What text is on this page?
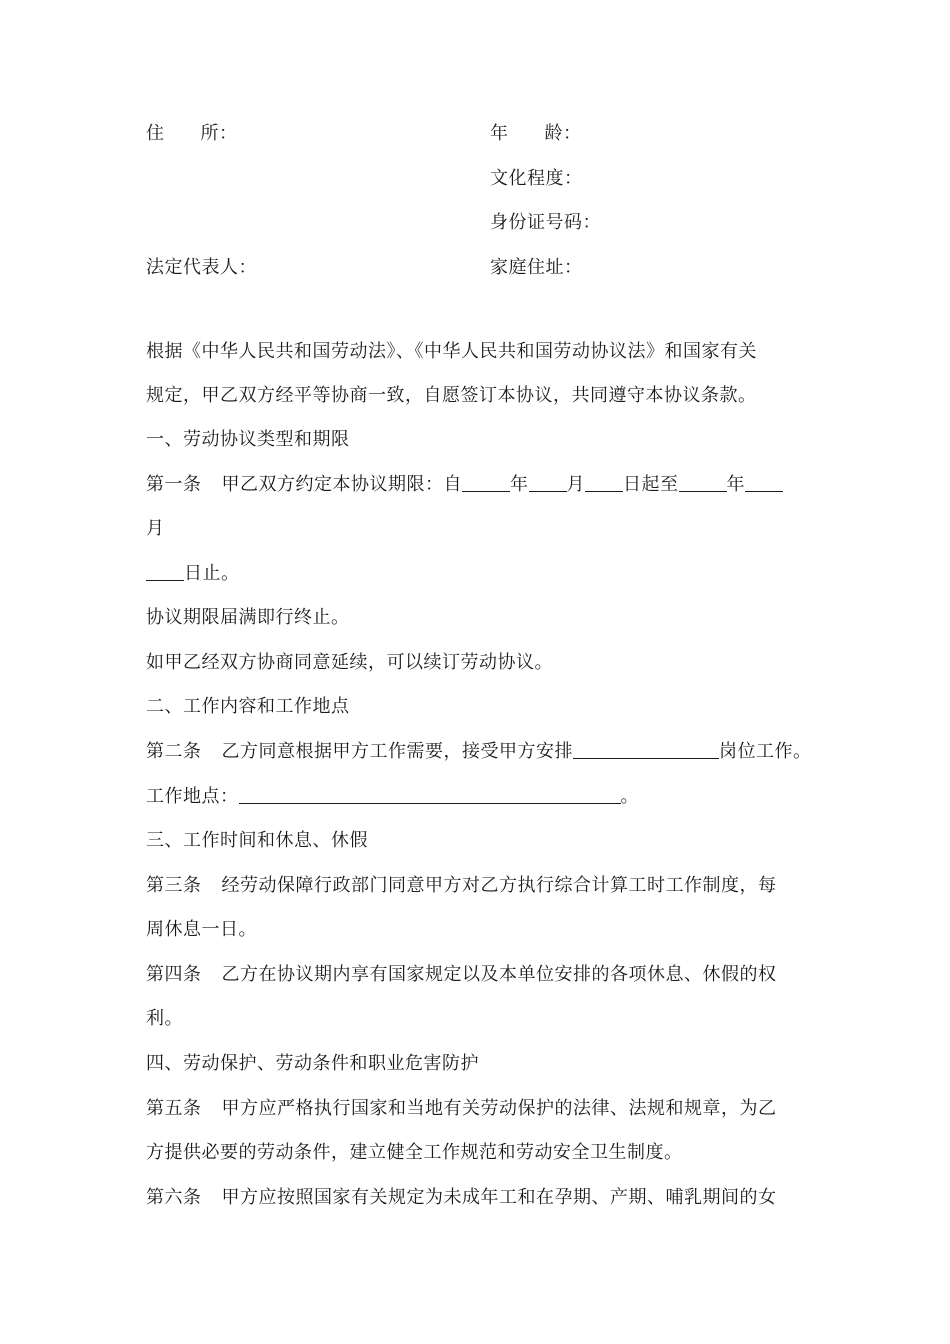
住 所：	年 龄：
文化程度：
身份证号码：
法定代表人：	家庭住址：
根据《中华人民共和国劳动法》、《中华人民共和国劳动协议法》和国家有关
规定，甲乙双方经平等协商一致，自愿签订本协议，共同遵守本协议条款。
一、劳动协议类型和期限
第一条 甲乙双方约定本协议期限：自	年 月 日起至	年
月
日止。
协议期限届满即行终止。
如甲乙经双方协商同意延续，可以续订劳动协议。
二、工作内容和工作地点
第二条 乙方同意根据甲方工作需要，接受甲方安排	岗位工作。
工作地点：	。
三、工作时间和休息、休假
第三条 经劳动保障行政部门同意甲方对乙方执行综合计算工时工作制度，每
周休息一日。
第四条 乙方在协议期内享有国家规定以及本单位安排的各项休息、休假的权
利。
四、劳动保护、劳动条件和职业危害防护
第五条 甲方应严格执行国家和当地有关劳动保护的法律、法规和规章，为乙
方提供必要的劳动条件，建立健全工作规范和劳动安全卫生制度。
第六条 甲方应按照国家有关规定为未成年工和在孕期、产期、哺乳期间的女
